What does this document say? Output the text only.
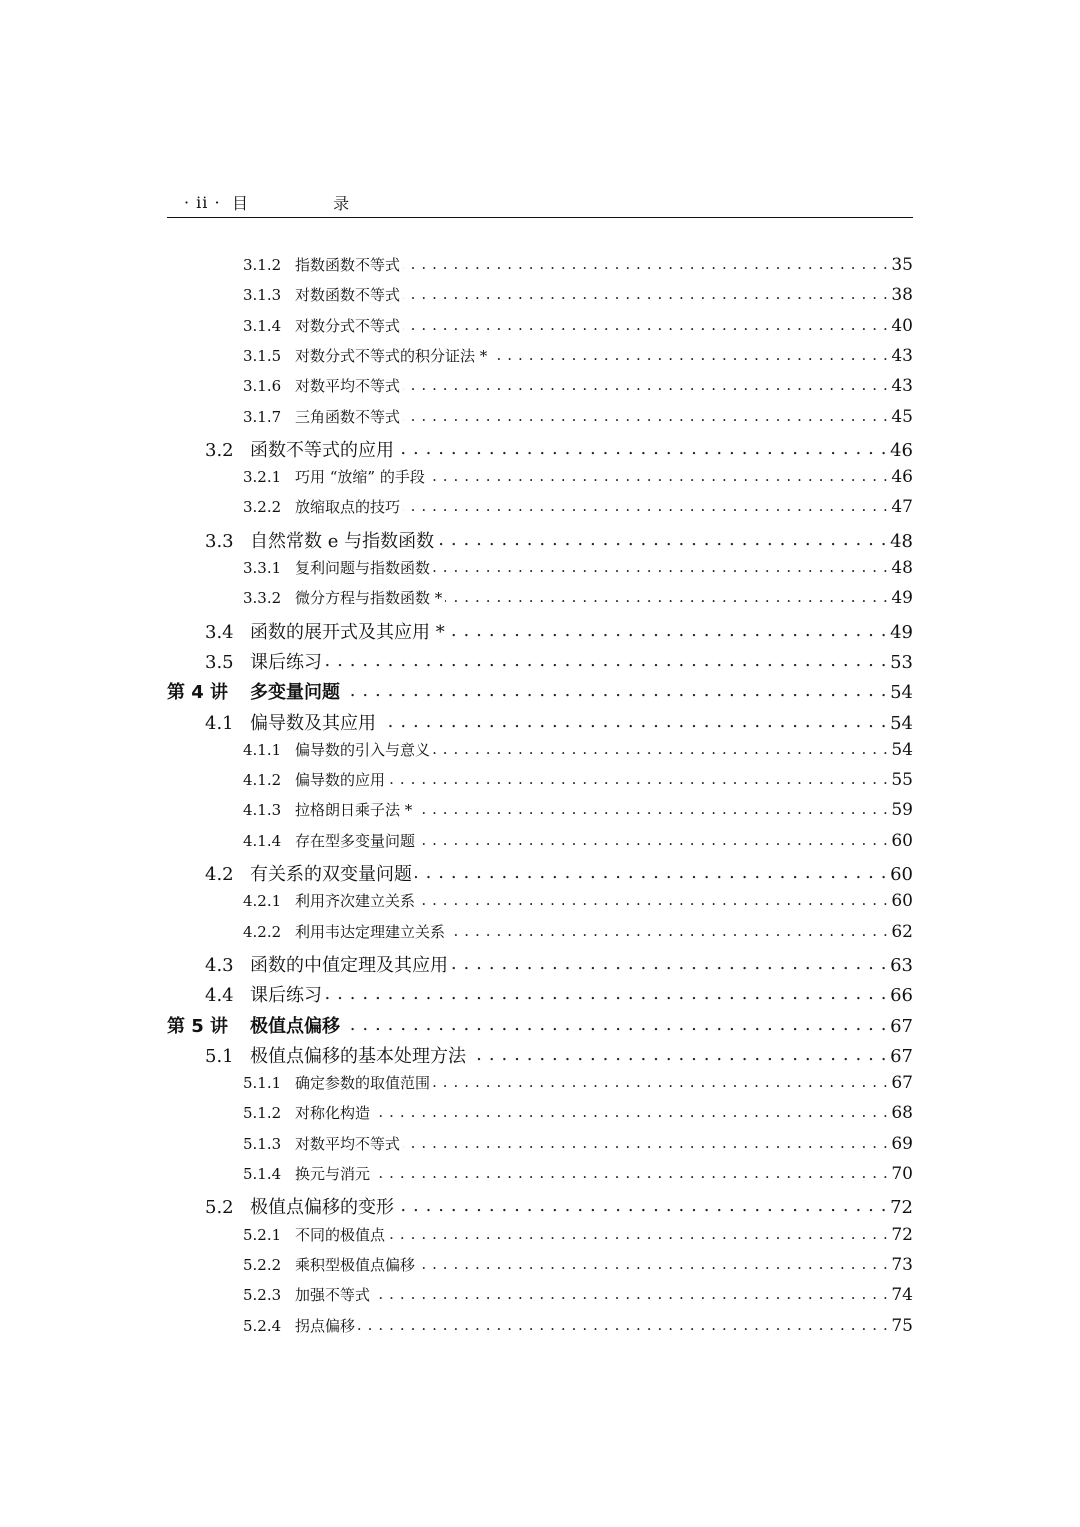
· ii · 目 录
3.1.2 指数函数不等式 . . .	35
3.1.3 对数函数不等式 . . .	38
3.1.4 对数分式不等式 . . .	40
3.1.5 对数分式不等式的积分证法 * . . .	43
3.1.6 对数平均不等式 . . .	43
3.1.7 三角函数不等式 . . .	45
3.2 函数不等式的应用 . . .	46
3.2.1 巧用 “放缩” 的手段 . . .	46
3.2.2 放缩取点的技巧 . . .	47
3.3 自然常数 e 与指数函数 . . .	48
3.3.1 复利问题与指数函数 . . .	48
3.3.2 微分方程与指数函数 * . . .	49
3.4 函数的展开式及其应用 * . . .	49
3.5 课后练习 . . .	53
第 4 讲	多变量问题 . . .	54
4.1 偏导数及其应用 . . .	54
4.1.1 偏导数的引入与意义 . . .	54
4.1.2 偏导数的应用 . . .	55
4.1.3 拉格朗日乘子法 * . . .	59
4.1.4 存在型多变量问题 . . .	60
4.2 有关系的双变量问题 . . .	60
4.2.1 利用齐次建立关系 . . .	60
4.2.2 利用韦达定理建立关系 . . .	62
4.3 函数的中值定理及其应用 . . .	63
4.4 课后练习 . . .	66
第 5 讲	极值点偏移 . . .	67
5.1 极值点偏移的基本处理方法 . . .	67
5.1.1 确定参数的取值范围 . . .	67
5.1.2 对称化构造 . . .	68
5.1.3 对数平均不等式 . . .	69
5.1.4 换元与消元 . . .	70
5.2 极值点偏移的变形 . . .	72
5.2.1 不同的极值点 . . .	72
5.2.2 乘积型极值点偏移 . . .	73
5.2.3 加强不等式 . . .	74
5.2.4 拐点偏移 . . .	75
